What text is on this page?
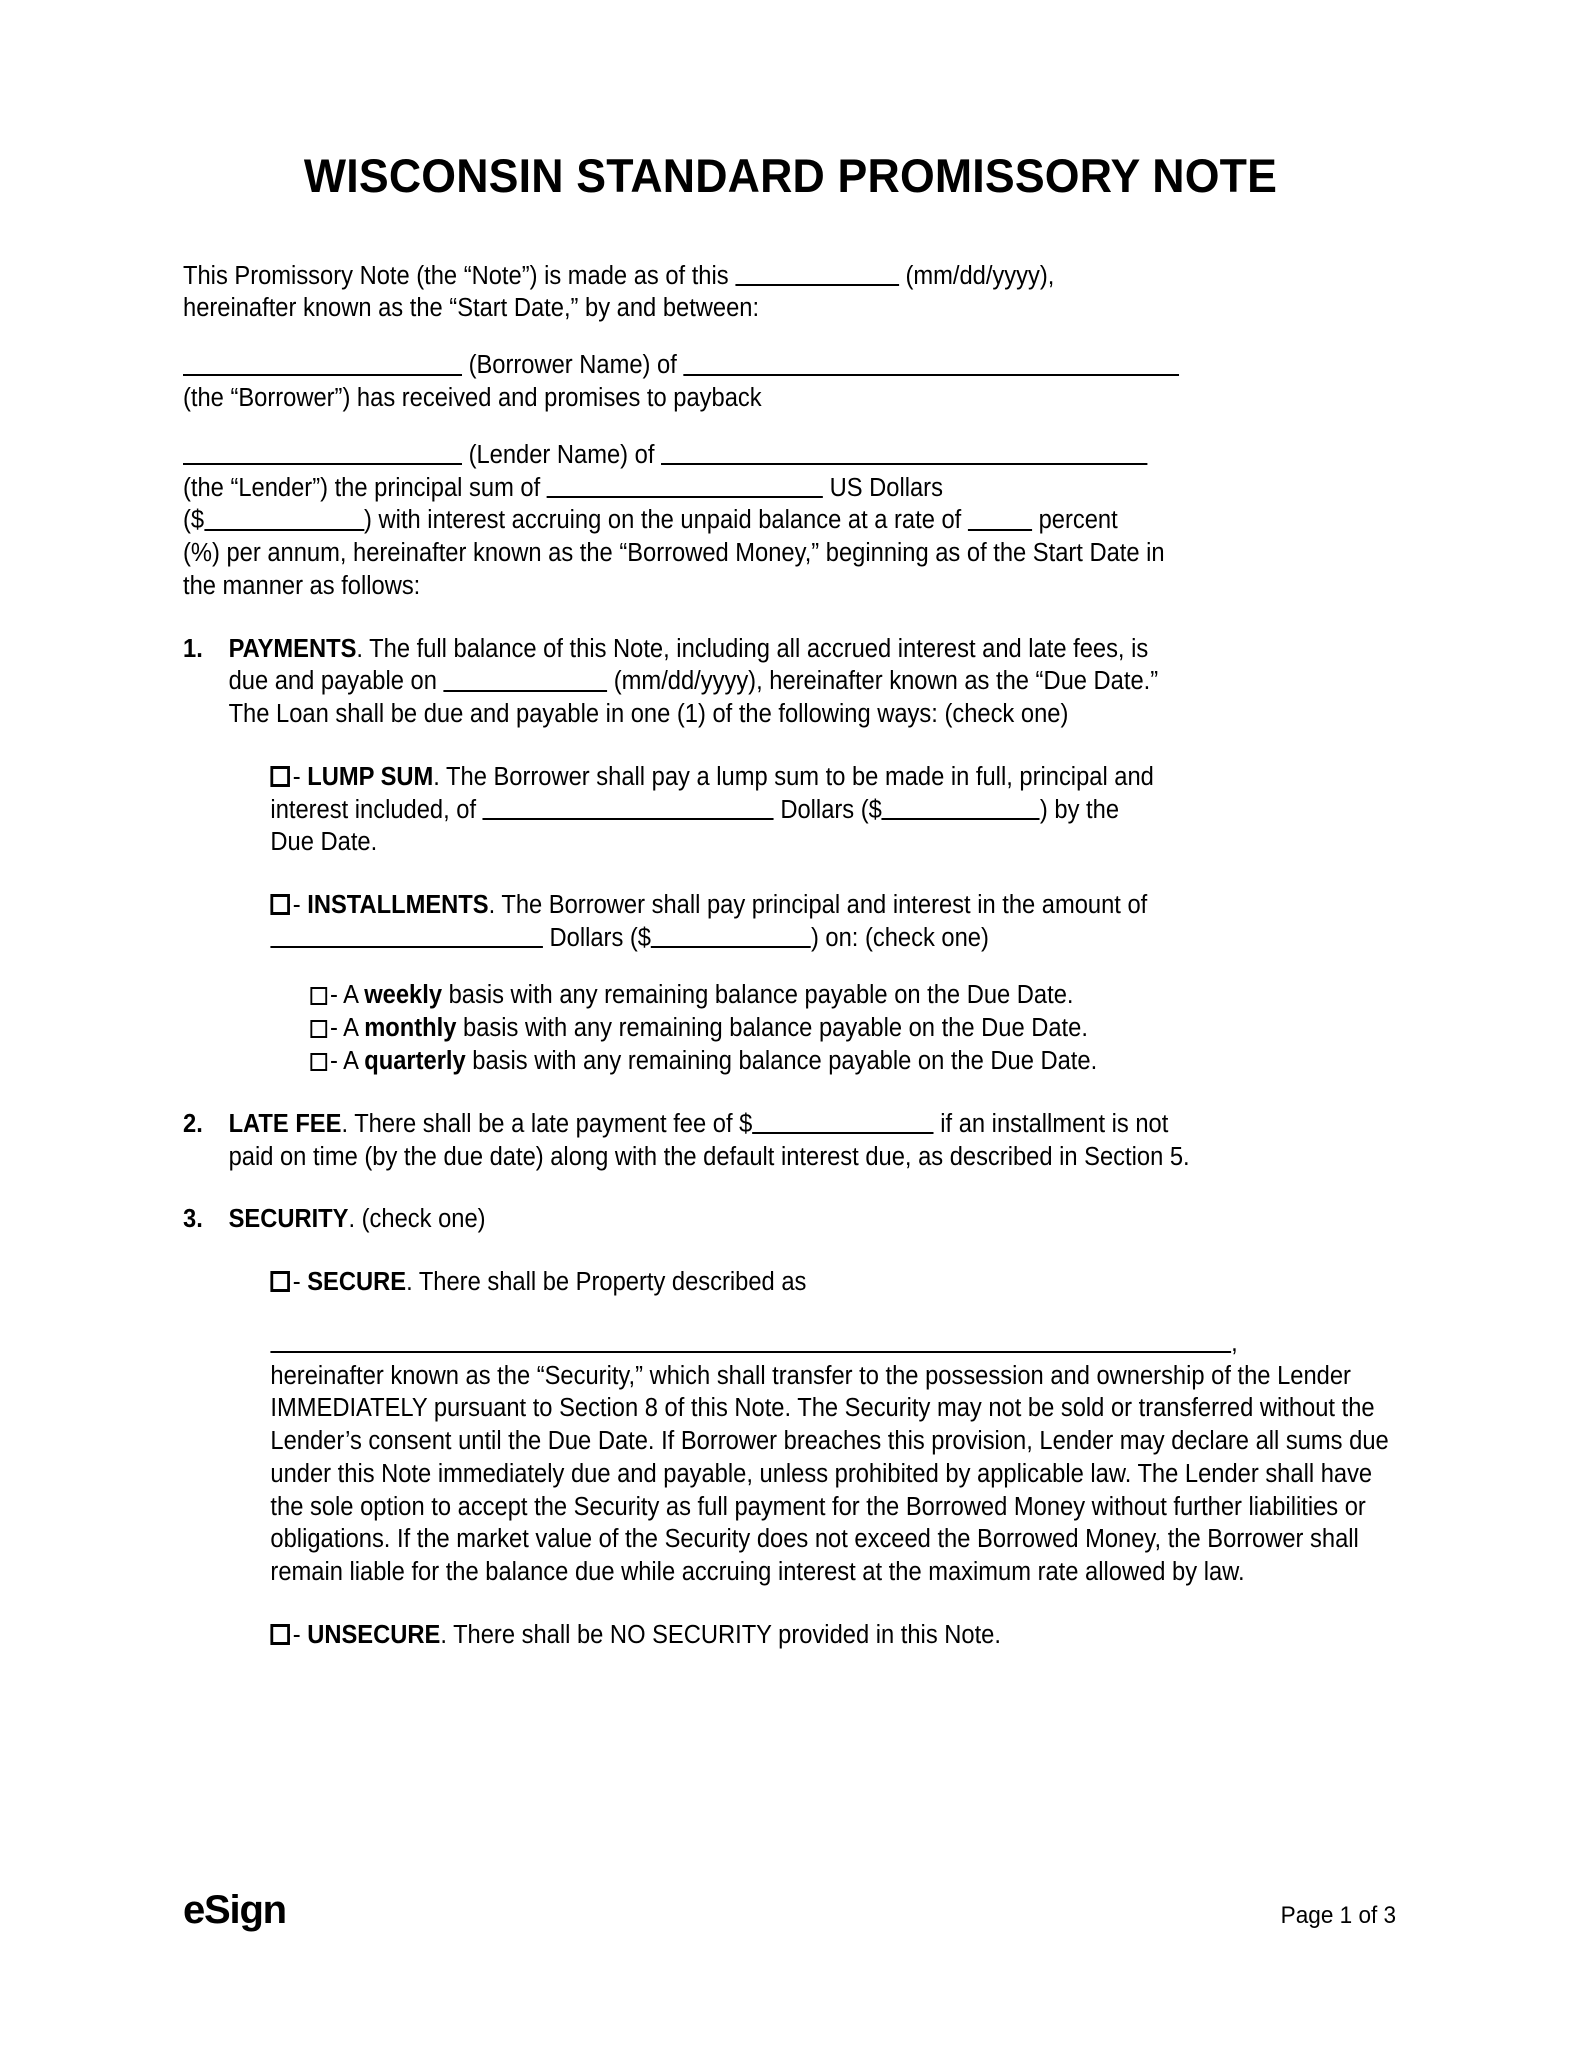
WISCONSIN STANDARD PROMISSORY NOTE

This Promissory Note (the “Note”) is made as of this	(mm/dd/yyyy),
hereinafter known as the “Start Date,” by and between:

(Borrower Name) of
(the “Borrower”) has received and promises to payback

(Lender Name) of
(the “Lender”) the principal sum of	US Dollars
($	) with interest accruing on the unpaid balance at a rate of	percent
(%) per annum, hereinafter known as the “Borrowed Money,” beginning as of the Start Date in
the manner as follows:

1.	PAYMENTS. The full balance of this Note, including all accrued interest and late fees, is
due and payable on	(mm/dd/yyyy), hereinafter known as the “Due Date.”
The Loan shall be due and payable in one (1) of the following ways: (check one)

- LUMP SUM. The Borrower shall pay a lump sum to be made in full, principal and
interest included, of	Dollars ($	) by the
Due Date.

- INSTALLMENTS. The Borrower shall pay principal and interest in the amount of
Dollars ($	) on: (check one)

- A weekly basis with any remaining balance payable on the Due Date.

- A monthly basis with any remaining balance payable on the Due Date.

- A quarterly basis with any remaining balance payable on the Due Date.

2.	LATE FEE. There shall be a late payment fee of $	if an installment is not
paid on time (by the due date) along with the default interest due, as described in Section 5.
3.	SECURITY. (check one)

- SECURE. There shall be Property described as

,

hereinafter known as the “Security,” which shall transfer to the possession and ownership of the Lender IMMEDIATELY pursuant to Section 8 of this Note. The Security may not be sold or transferred without the Lender’s consent until the Due Date. If Borrower breaches this provision, Lender may declare all sums due under this Note immediately due and payable, unless prohibited by applicable law. The Lender shall have the sole option to accept the Security as full payment for the Borrowed Money without further liabilities or obligations. If the market value of the Security does not exceed the Borrowed Money, the Borrower shall remain liable for the balance due while accruing interest at the maximum rate allowed by law.

- UNSECURE. There shall be NO SECURITY provided in this Note.

eSign	Page 1 of 3
